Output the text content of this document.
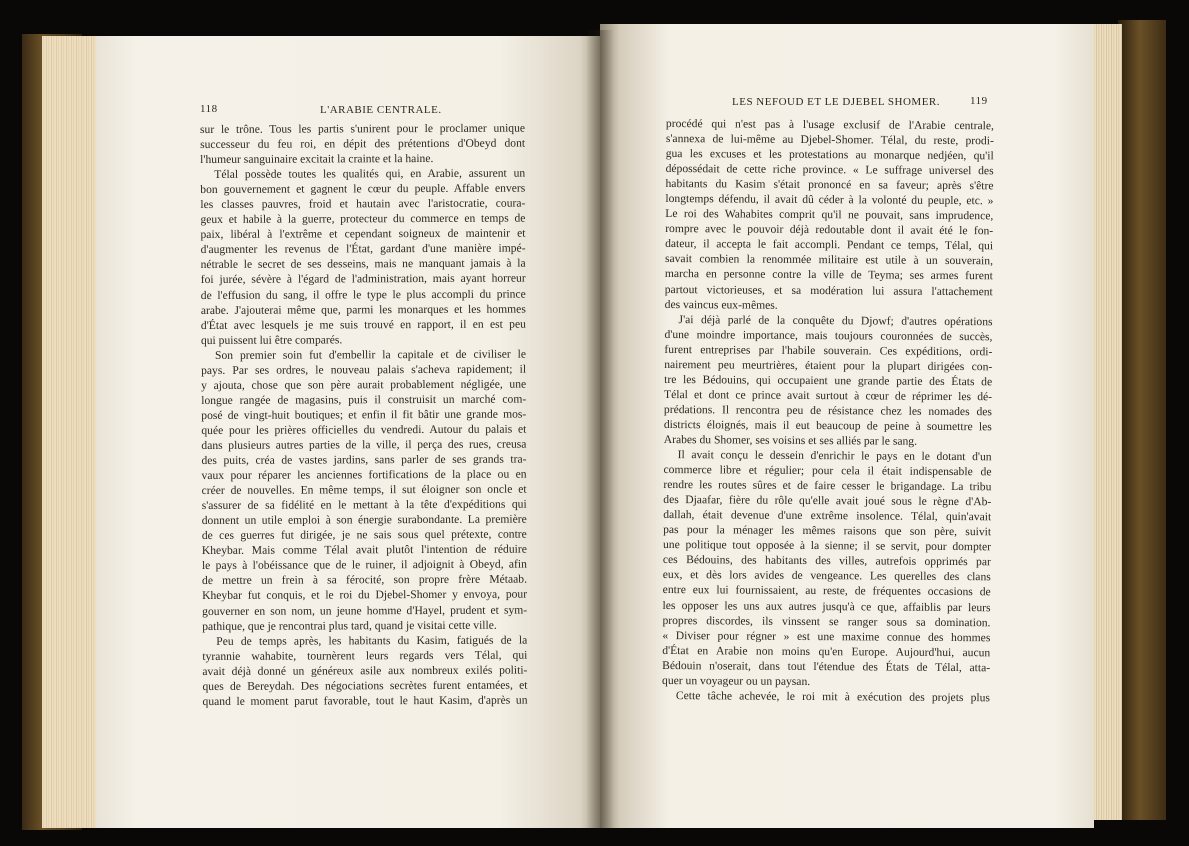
118	L'ARABIE CENTRALE.
sur le trône. Tous les partis s'unirent pour le proclamer unique
successeur du feu roi, en dépit des prétentions d'Obeyd dont
l'humeur sanguinaire excitait la crainte et la haine.
Télal possède toutes les qualités qui, en Arabie, assurent un
bon gouvernement et gagnent le cœur du peuple. Affable envers
les classes pauvres, froid et hautain avec l'aristocratie, coura-
geux et habile à la guerre, protecteur du commerce en temps de
paix, libéral à l'extrême et cependant soigneux de maintenir et
d'augmenter les revenus de l'État, gardant d'une manière impé-
nétrable le secret de ses desseins, mais ne manquant jamais à la
foi jurée, sévère à l'égard de l'administration, mais ayant horreur
de l'effusion du sang, il offre le type le plus accompli du prince
arabe. J'ajouterai même que, parmi les monarques et les hommes
d'État avec lesquels je me suis trouvé en rapport, il en est peu
qui puissent lui être comparés.
Son premier soin fut d'embellir la capitale et de civiliser le
pays. Par ses ordres, le nouveau palais s'acheva rapidement; il
y ajouta, chose que son père aurait probablement négligée, une
longue rangée de magasins, puis il construisit un marché com-
posé de vingt-huit boutiques; et enfin il fit bâtir une grande mos-
quée pour les prières officielles du vendredi. Autour du palais et
dans plusieurs autres parties de la ville, il perça des rues, creusa
des puits, créa de vastes jardins, sans parler de ses grands tra-
vaux pour réparer les anciennes fortifications de la place ou en
créer de nouvelles. En même temps, il sut éloigner son oncle et
s'assurer de sa fidélité en le mettant à la tête d'expéditions qui
donnent un utile emploi à son énergie surabondante. La première
de ces guerres fut dirigée, je ne sais sous quel prétexte, contre
Kheybar. Mais comme Télal avait plutôt l'intention de réduire
le pays à l'obéissance que de le ruiner, il adjoignit à Obeyd, afin
de mettre un frein à sa férocité, son propre frère Métaab.
Kheybar fut conquis, et le roi du Djebel-Shomer y envoya, pour
gouverner en son nom, un jeune homme d'Hayel, prudent et sym-
pathique, que je rencontrai plus tard, quand je visitai cette ville.
Peu de temps après, les habitants du Kasim, fatigués de la
tyrannie wahabite, tournèrent leurs regards vers Télal, qui
avait déjà donné un généreux asile aux nombreux exilés politi-
ques de Bereydah. Des négociations secrètes furent entamées, et
quand le moment parut favorable, tout le haut Kasim, d'après un
LES NEFOUD ET LE DJEBEL SHOMER.	119
procédé qui n'est pas à l'usage exclusif de l'Arabie centrale,
s'annexa de lui-même au Djebel-Shomer. Télal, du reste, prodi-
gua les excuses et les protestations au monarque nedjéen, qu'il
dépossédait de cette riche province. « Le suffrage universel des
habitants du Kasim s'était prononcé en sa faveur; après s'être
longtemps défendu, il avait dû céder à la volonté du peuple, etc. »
Le roi des Wahabites comprit qu'il ne pouvait, sans imprudence,
rompre avec le pouvoir déjà redoutable dont il avait été le fon-
dateur, il accepta le fait accompli. Pendant ce temps, Télal, qui
savait combien la renommée militaire est utile à un souverain,
marcha en personne contre la ville de Teyma; ses armes furent
partout victorieuses, et sa modération lui assura l'attachement
des vaincus eux-mêmes.
J'ai déjà parlé de la conquête du Djowf; d'autres opérations
d'une moindre importance, mais toujours couronnées de succès,
furent entreprises par l'habile souverain. Ces expéditions, ordi-
nairement peu meurtrières, étaient pour la plupart dirigées con-
tre les Bédouins, qui occupaient une grande partie des États de
Télal et dont ce prince avait surtout à cœur de réprimer les dé-
prédations. Il rencontra peu de résistance chez les nomades des
districts éloignés, mais il eut beaucoup de peine à soumettre les
Arabes du Shomer, ses voisins et ses alliés par le sang.
Il avait conçu le dessein d'enrichir le pays en le dotant d'un
commerce libre et régulier; pour cela il était indispensable de
rendre les routes sûres et de faire cesser le brigandage. La tribu
des Djaafar, fière du rôle qu'elle avait joué sous le règne d'Ab-
dallah, était devenue d'une extrême insolence. Télal, quin'avait
pas pour la ménager les mêmes raisons que son père, suivit
une politique tout opposée à la sienne; il se servit, pour dompter
ces Bédouins, des habitants des villes, autrefois opprimés par
eux, et dès lors avides de vengeance. Les querelles des clans
entre eux lui fournissaient, au reste, de fréquentes occasions de
les opposer les uns aux autres jusqu'à ce que, affaiblis par leurs
propres discordes, ils vinssent se ranger sous sa domination.
« Diviser pour régner » est une maxime connue des hommes
d'État en Arabie non moins qu'en Europe. Aujourd'hui, aucun
Bédouin n'oserait, dans tout l'étendue des États de Télal, atta-
quer un voyageur ou un paysan.
Cette tâche achevée, le roi mit à exécution des projets plus
